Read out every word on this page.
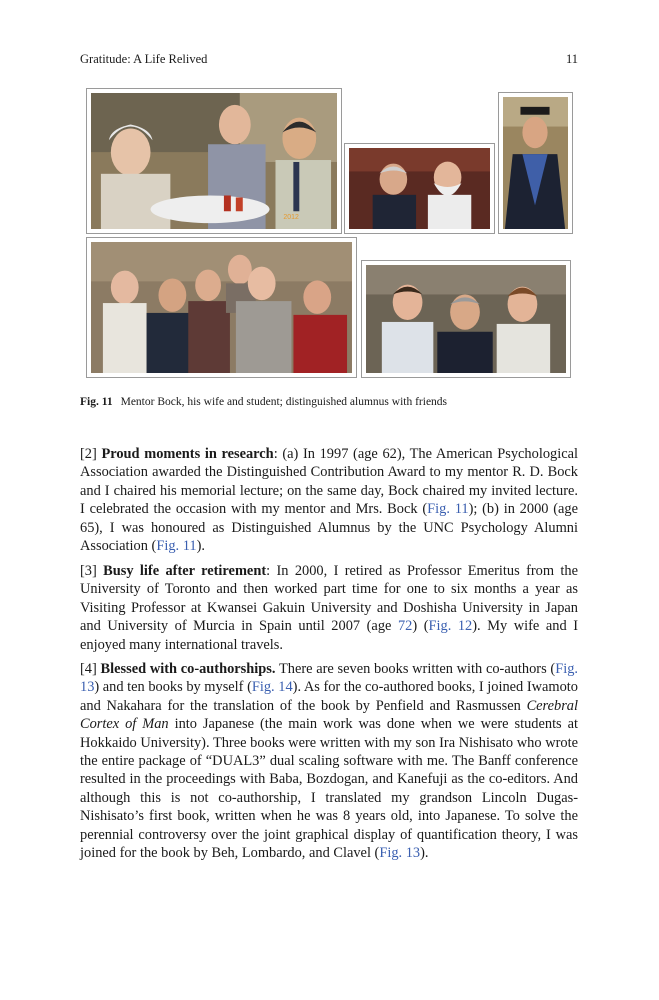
Gratitude: A Life Relived	11
2012
Fig. 11 Mentor Bock, his wife and student; distinguished alumnus with friends

[2] Proud moments in research: (a) In 1997 (age 62), The American Psychological Association awarded the Distinguished Contribution Award to my mentor R. D. Bock and I chaired his memorial lecture; on the same day, Bock chaired my invited lecture. I celebrated the occasion with my mentor and Mrs. Bock (Fig. 11); (b) in 2000 (age 65), I was honoured as Distinguished Alumnus by the UNC Psychology Alumni Association (Fig. 11).

[3] Busy life after retirement: In 2000, I retired as Professor Emeritus from the University of Toronto and then worked part time for one to six months a year as Visiting Professor at Kwansei Gakuin University and Doshisha University in Japan and University of Murcia in Spain until 2007 (age 72) (Fig. 12). My wife and I enjoyed many international travels.

[4] Blessed with co-authorships. There are seven books written with co-authors (Fig. 13) and ten books by myself (Fig. 14). As for the co-authored books, I joined Iwamoto and Nakahara for the translation of the book by Penfield and Rasmussen Cerebral Cortex of Man into Japanese (the main work was done when we were students at Hokkaido University). Three books were written with my son Ira Nishisato who wrote the entire package of “DUAL3” dual scaling software with me. The Banff conference resulted in the proceedings with Baba, Bozdogan, and Kanefuji as the co-editors. And although this is not co-authorship, I translated my grandson Lincoln Dugas-Nishisato’s first book, written when he was 8 years old, into Japanese. To solve the perennial controversy over the joint graphical display of quantification theory, I was joined for the book by Beh, Lombardo, and Clavel (Fig. 13).
